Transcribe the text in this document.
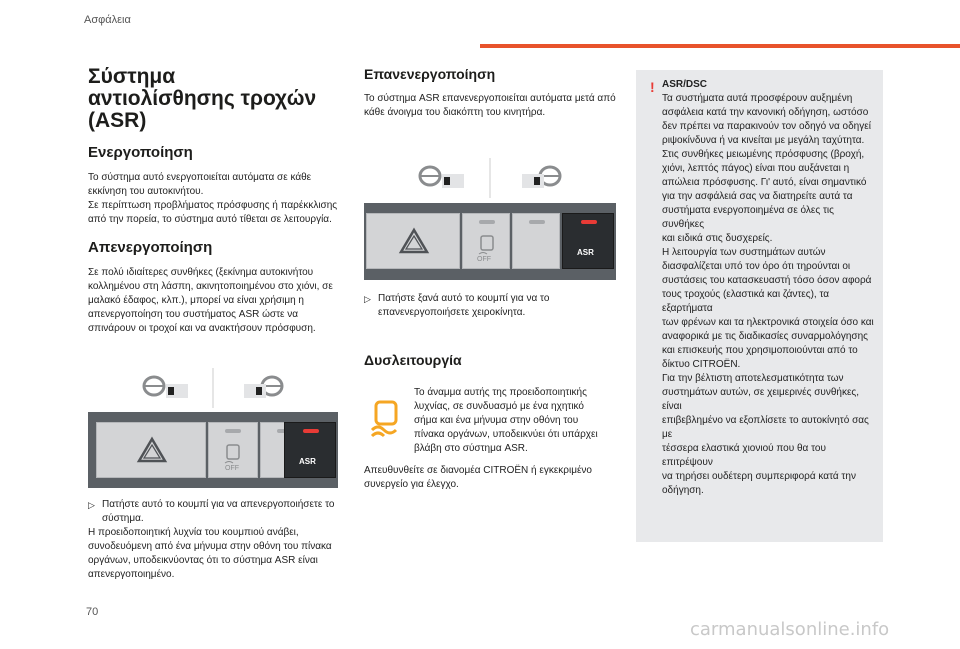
Ασφάλεια
Σύστημα αντιολίσθησης τροχών (ASR)
Ενεργοποίηση

Το σύστημα αυτό ενεργοποιείται αυτόματα σε κάθε εκκίνηση του αυτοκινήτου.

Σε περίπτωση προβλήματος πρόσφυσης ή παρέκκλισης από την πορεία, το σύστημα αυτό τίθεται σε λειτουργία.

Απενεργοποίηση

Σε πολύ ιδιαίτερες συνθήκες (ξεκίνημα αυτοκινήτου κολλημένου στη λάσπη, ακινητοποιημένου στο χιόνι, σε μαλακό έδαφος, κλπ.), μπορεί να είναι χρήσιμη η απενεργοποίηση του συστήματος ASR ώστε να σπινάρουν οι τροχοί και να ανακτήσουν πρόσφυση.

OFF
ASR
▷ Πατήστε αυτό το κουμπί για να απενεργοποιήσετε το σύστημα.

Η προειδοποιητική λυχνία του κουμπιού ανάβει, συνοδευόμενη από ένα μήνυμα στην οθόνη του πίνακα οργάνων, υποδεικνύοντας ότι το σύστημα ASR είναι απενεργοποιημένο.

Επανενεργοποίηση

Το σύστημα ASR επανενεργοποιείται αυτόματα μετά από κάθε άνοιγμα του διακόπτη του κινητήρα.

OFF
ASR
▷ Πατήστε ξανά αυτό το κουμπί για να το επανενεργοποιήσετε χειροκίνητα.
Δυσλειτουργία

Το άναμμα αυτής της προειδοποιητικής λυχνίας, σε συνδυασμό με ένα ηχητικό σήμα και ένα μήνυμα στην οθόνη του πίνακα οργάνων, υποδεικνύει ότι υπάρχει βλάβη στο σύστημα ASR.

Απευθυνθείτε σε διανομέα CITROËN ή εγκεκριμένο συνεργείο για έλεγχο.

! ASR/DSC
Τα συστήματα αυτά προσφέρουν αυξημένη
ασφάλεια κατά την κανονική οδήγηση, ωστόσο
δεν πρέπει να παρακινούν τον οδηγό να οδηγεί
ριψοκίνδυνα ή να κινείται με μεγάλη ταχύτητα.
Στις συνθήκες μειωμένης πρόσφυσης (βροχή,
χιόνι, λεπτός πάγος) είναι που αυξάνεται η
απώλεια πρόσφυσης. Γι' αυτό, είναι σημαντικό
για την ασφάλειά σας να διατηρείτε αυτά τα
συστήματα ενεργοποιημένα σε όλες τις συνθήκες
και ειδικά στις δυσχερείς.
Η λειτουργία των συστημάτων αυτών
διασφαλίζεται υπό τον όρο ότι τηρούνται οι
συστάσεις του κατασκευαστή τόσο όσον αφορά
τους τροχούς (ελαστικά και ζάντες), τα εξαρτήματα
των φρένων και τα ηλεκτρονικά στοιχεία όσο και
αναφορικά με τις διαδικασίες συναρμολόγησης
και επισκευής που χρησιμοποιούνται από το
δίκτυο CITROËN.
Για την βέλτιστη αποτελεσματικότητα των
συστημάτων αυτών, σε χειμερινές συνθήκες, είναι
επιβεβλημένο να εξοπλίσετε το αυτοκίνητό σας με
τέσσερα ελαστικά χιονιού που θα του επιτρέψουν
να τηρήσει ουδέτερη συμπεριφορά κατά την
οδήγηση.
70
carmanualsonline.info
